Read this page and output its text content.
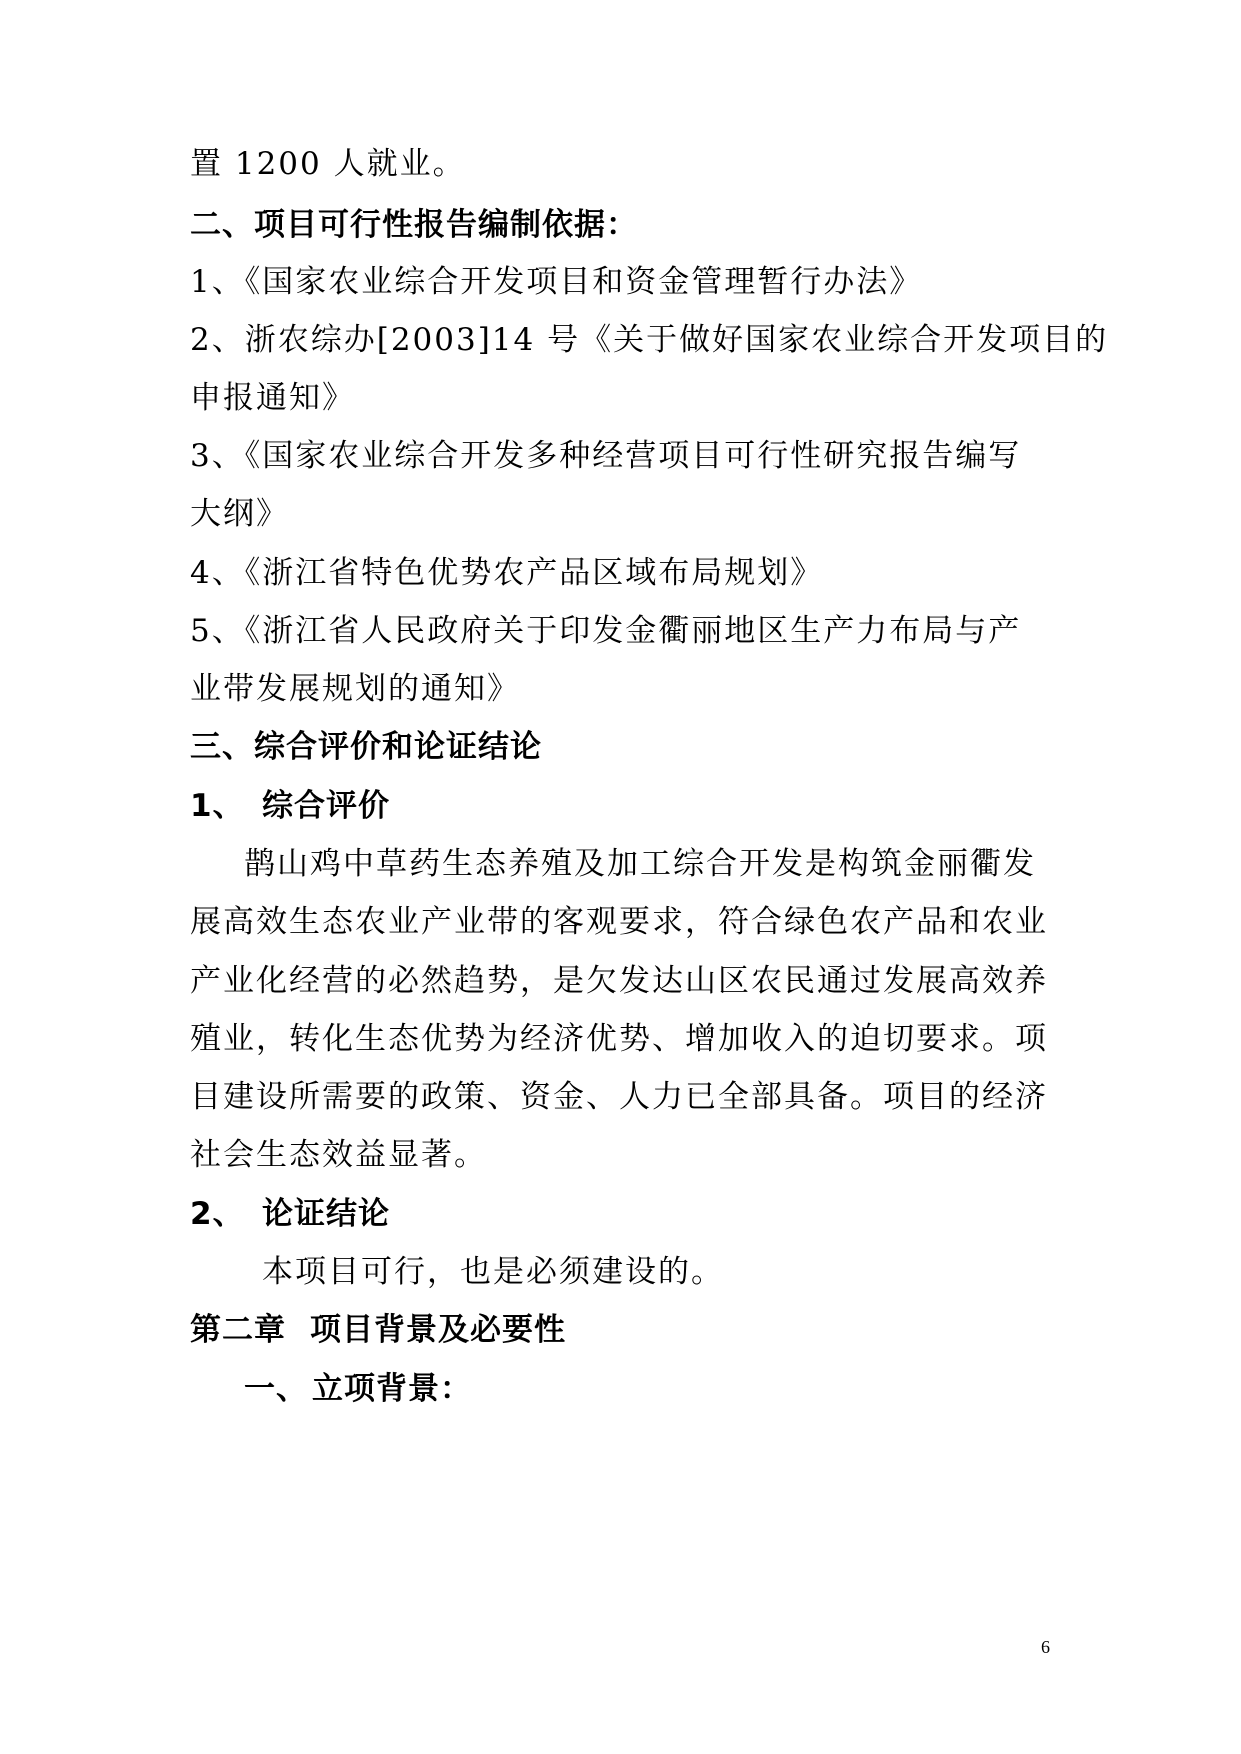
置 1200 人就业。
二、项目可行性报告编制依据：
1、《国家农业综合开发项目和资金管理暂行办法》
2、浙农综办[2003]14 号《关于做好国家农业综合开发项目的
申报通知》
3、《国家农业综合开发多种经营项目可行性研究报告编写
大纲》
4、《浙江省特色优势农产品区域布局规划》
5、《浙江省人民政府关于印发金衢丽地区生产力布局与产
业带发展规划的通知》
三、综合评价和论证结论
1、 综合评价
鹊山鸡中草药生态养殖及加工综合开发是构筑金丽衢发
展高效生态农业产业带的客观要求，符合绿色农产品和农业
产业化经营的必然趋势，是欠发达山区农民通过发展高效养
殖业，转化生态优势为经济优势、增加收入的迫切要求。项
目建设所需要的政策、资金、人力已全部具备。项目的经济
社会生态效益显著。
2、 论证结论
本项目可行，也是必须建设的。
第二章 项目背景及必要性
一、 立项背景：
6
